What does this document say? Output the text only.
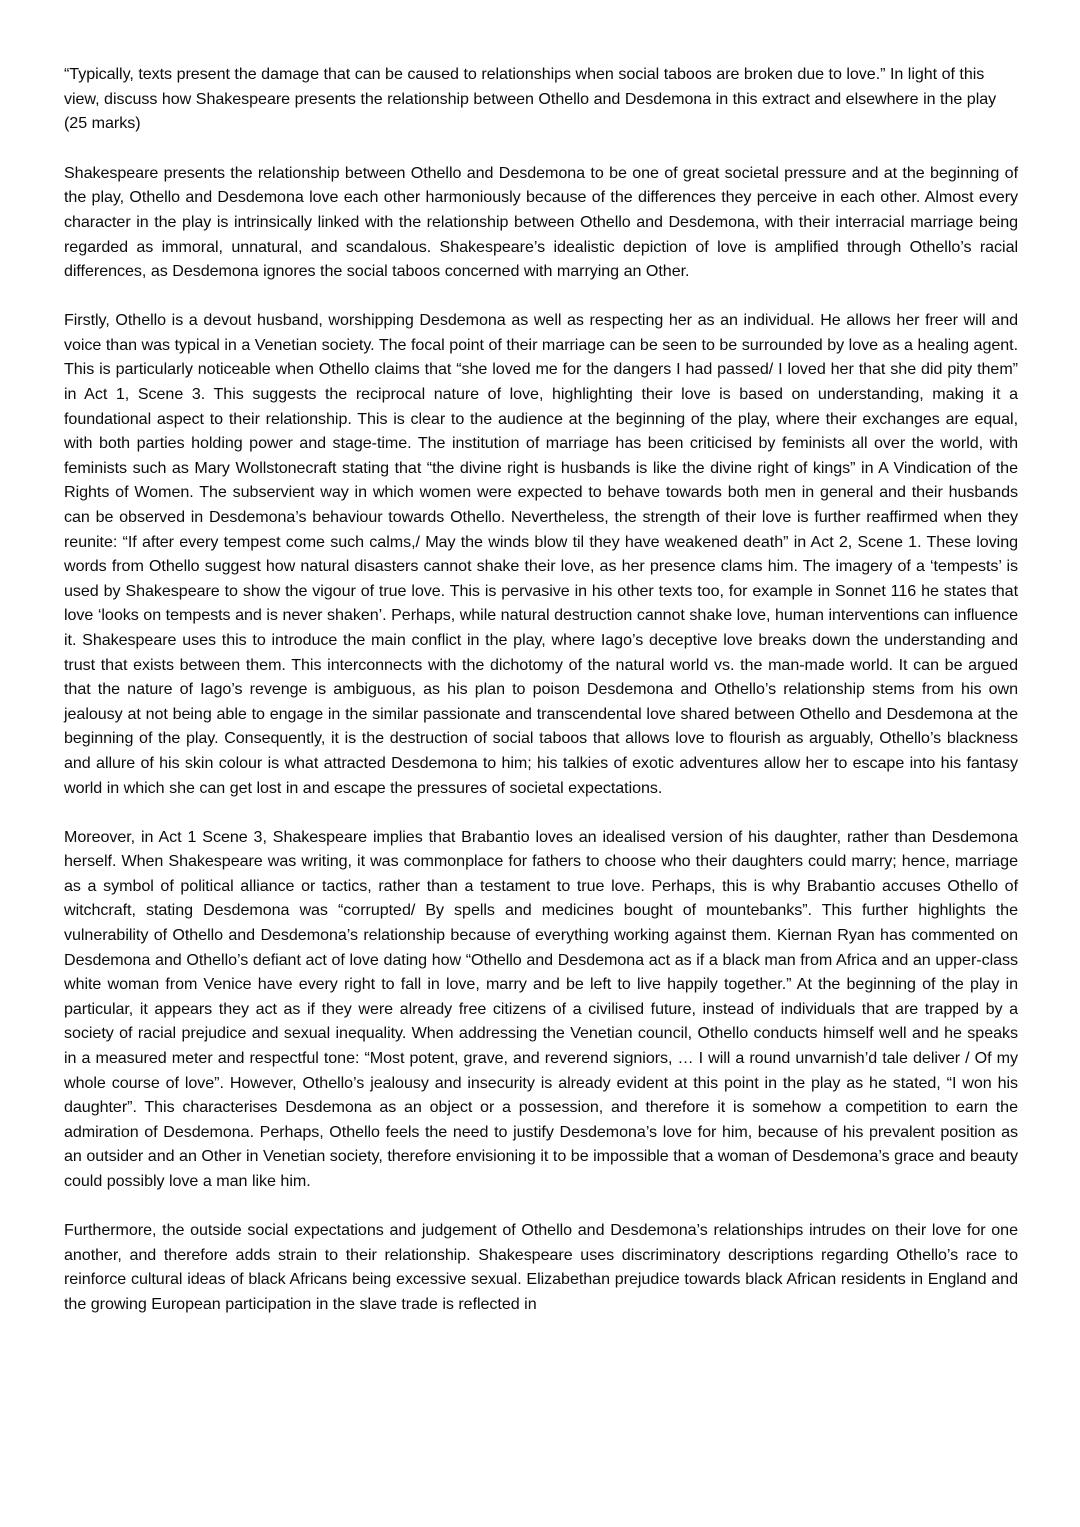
“Typically, texts present the damage that can be caused to relationships when social taboos are broken due to love.” In light of this view, discuss how Shakespeare presents the relationship between Othello and Desdemona in this extract and elsewhere in the play (25 marks)

Shakespeare presents the relationship between Othello and Desdemona to be one of great societal pressure and at the beginning of the play, Othello and Desdemona love each other harmoniously because of the differences they perceive in each other. Almost every character in the play is intrinsically linked with the relationship between Othello and Desdemona, with their interracial marriage being regarded as immoral, unnatural, and scandalous. Shakespeare’s idealistic depiction of love is amplified through Othello’s racial differences, as Desdemona ignores the social taboos concerned with marrying an Other.

Firstly, Othello is a devout husband, worshipping Desdemona as well as respecting her as an individual. He allows her freer will and voice than was typical in a Venetian society. The focal point of their marriage can be seen to be surrounded by love as a healing agent. This is particularly noticeable when Othello claims that “she loved me for the dangers I had passed/ I loved her that she did pity them” in Act 1, Scene 3. This suggests the reciprocal nature of love, highlighting their love is based on understanding, making it a foundational aspect to their relationship. This is clear to the audience at the beginning of the play, where their exchanges are equal, with both parties holding power and stage-time. The institution of marriage has been criticised by feminists all over the world, with feminists such as Mary Wollstonecraft stating that “the divine right is husbands is like the divine right of kings” in A Vindication of the Rights of Women. The subservient way in which women were expected to behave towards both men in general and their husbands can be observed in Desdemona’s behaviour towards Othello. Nevertheless, the strength of their love is further reaffirmed when they reunite: “If after every tempest come such calms,/ May the winds blow til they have weakened death” in Act 2, Scene 1. These loving words from Othello suggest how natural disasters cannot shake their love, as her presence clams him. The imagery of a ‘tempests’ is used by Shakespeare to show the vigour of true love. This is pervasive in his other texts too, for example in Sonnet 116 he states that love ‘looks on tempests and is never shaken’. Perhaps, while natural destruction cannot shake love, human interventions can influence it. Shakespeare uses this to introduce the main conflict in the play, where Iago’s deceptive love breaks down the understanding and trust that exists between them. This interconnects with the dichotomy of the natural world vs. the man-made world. It can be argued that the nature of Iago’s revenge is ambiguous, as his plan to poison Desdemona and Othello’s relationship stems from his own jealousy at not being able to engage in the similar passionate and transcendental love shared between Othello and Desdemona at the beginning of the play. Consequently, it is the destruction of social taboos that allows love to flourish as arguably, Othello’s blackness and allure of his skin colour is what attracted Desdemona to him; his talkies of exotic adventures allow her to escape into his fantasy world in which she can get lost in and escape the pressures of societal expectations.

Moreover, in Act 1 Scene 3, Shakespeare implies that Brabantio loves an idealised version of his daughter, rather than Desdemona herself. When Shakespeare was writing, it was commonplace for fathers to choose who their daughters could marry; hence, marriage as a symbol of political alliance or tactics, rather than a testament to true love. Perhaps, this is why Brabantio accuses Othello of witchcraft, stating Desdemona was “corrupted/ By spells and medicines bought of mountebanks”. This further highlights the vulnerability of Othello and Desdemona’s relationship because of everything working against them. Kiernan Ryan has commented on Desdemona and Othello’s defiant act of love dating how “Othello and Desdemona act as if a black man from Africa and an upper-class white woman from Venice have every right to fall in love, marry and be left to live happily together.” At the beginning of the play in particular, it appears they act as if they were already free citizens of a civilised future, instead of individuals that are trapped by a society of racial prejudice and sexual inequality. When addressing the Venetian council, Othello conducts himself well and he speaks in a measured meter and respectful tone: “Most potent, grave, and reverend signiors, … I will a round unvarnish’d tale deliver / Of my whole course of love”. However, Othello’s jealousy and insecurity is already evident at this point in the play as he stated, “I won his daughter”. This characterises Desdemona as an object or a possession, and therefore it is somehow a competition to earn the admiration of Desdemona. Perhaps, Othello feels the need to justify Desdemona’s love for him, because of his prevalent position as an outsider and an Other in Venetian society, therefore envisioning it to be impossible that a woman of Desdemona’s grace and beauty could possibly love a man like him.

Furthermore, the outside social expectations and judgement of Othello and Desdemona’s relationships intrudes on their love for one another, and therefore adds strain to their relationship. Shakespeare uses discriminatory descriptions regarding Othello’s race to reinforce cultural ideas of black Africans being excessive sexual. Elizabethan prejudice towards black African residents in England and the growing European participation in the slave trade is reflected in
